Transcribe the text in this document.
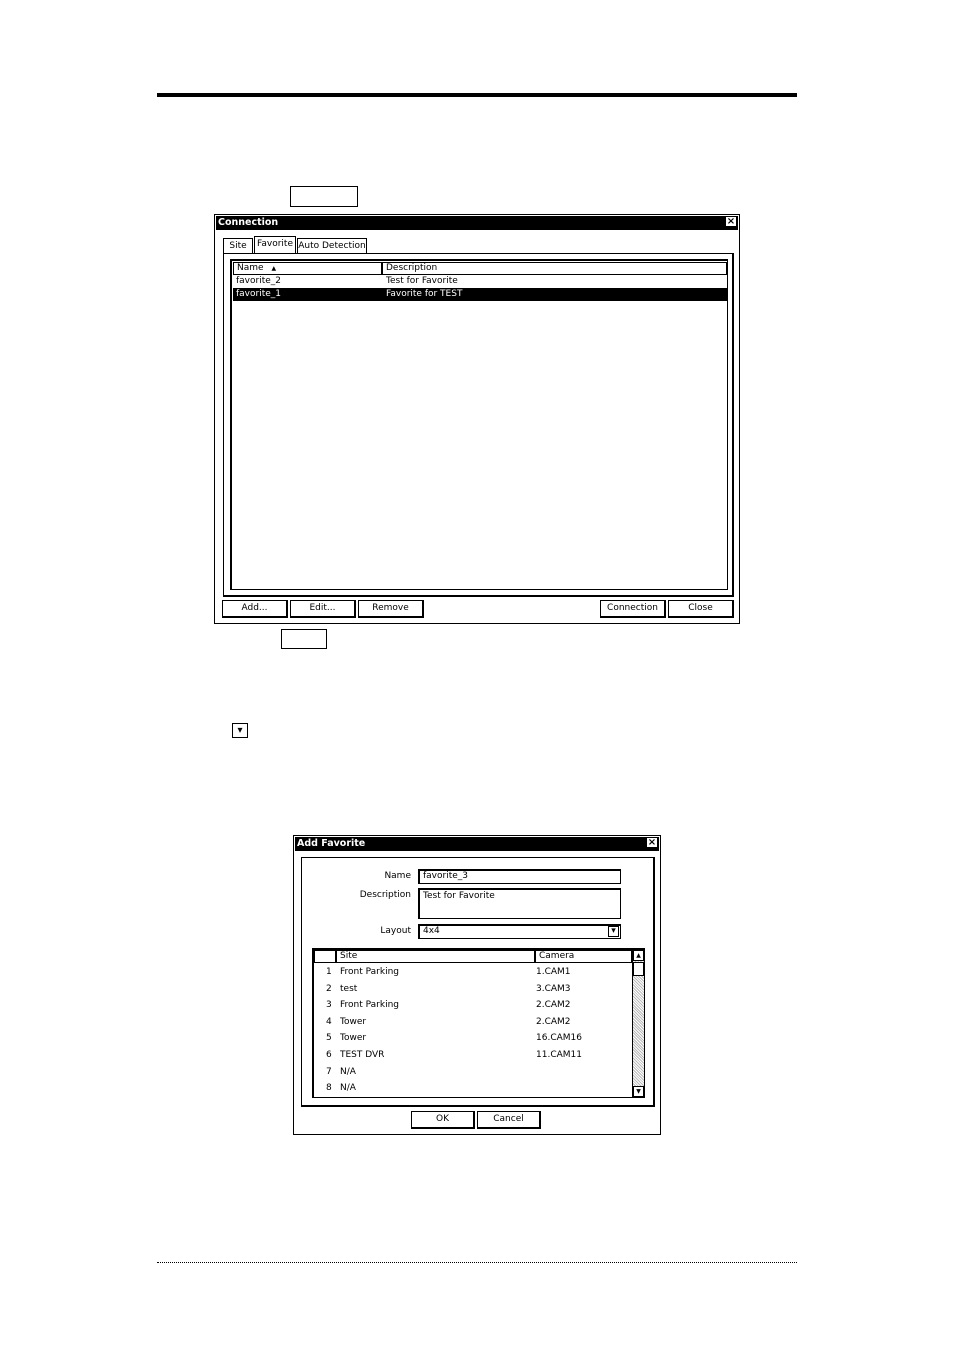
Connection	×
Site	Favorite Auto Detection
Name ▲	Description
favorite_2	Test for Favorite
favorite_1	Favorite for TEST
Add...	Edit...	Remove	Connection	Close
▾
Add Favorite	×
Name	favorite_3
Description	Test for Favorite
Layout	4x4	▾
Site	Camera
1 Front Parking	1.CAM1
2 test	3.CAM3
3 Front Parking	2.CAM2
4 Tower	2.CAM2
5 Tower	16.CAM16
6 TEST DVR	11.CAM11
7 N/A
8 N/A
▲
▼
OK	Cancel
